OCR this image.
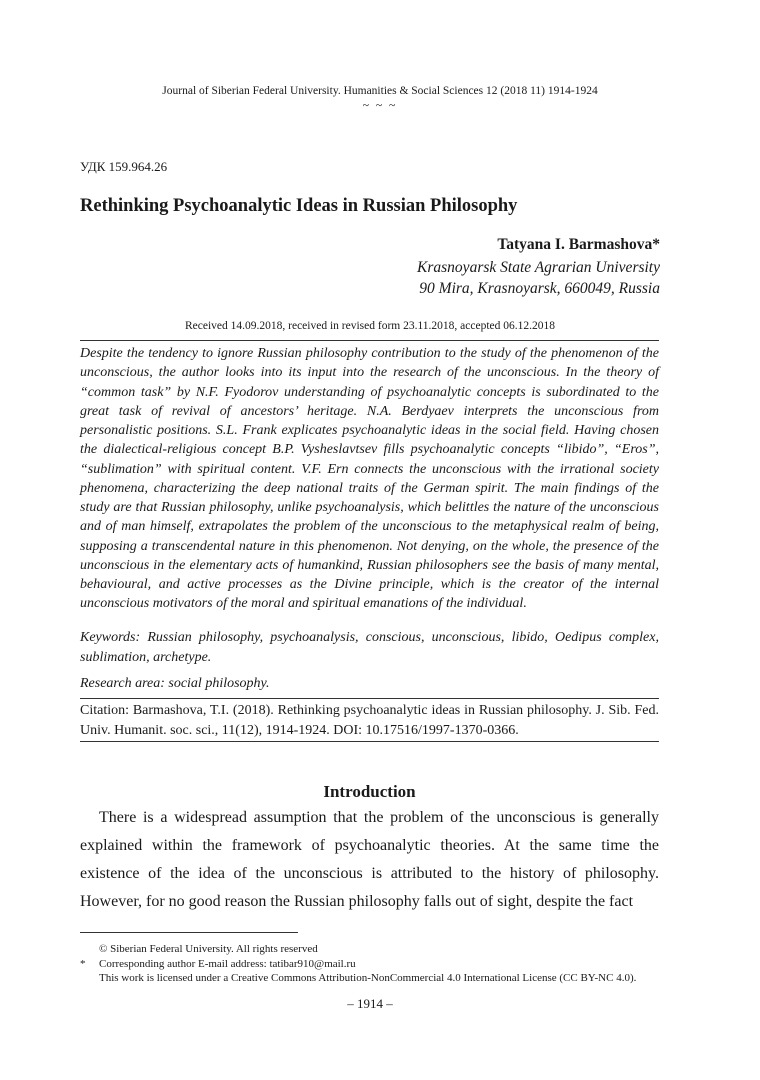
Journal of Siberian Federal University. Humanities & Social Sciences 12 (2018 11) 1914-1924
~ ~ ~
УДК 159.964.26
Rethinking Psychoanalytic Ideas in Russian Philosophy
Tatyana I. Barmashova*
Krasnoyarsk State Agrarian University
90 Mira, Krasnoyarsk, 660049, Russia
Received 14.09.2018, received in revised form 23.11.2018, accepted 06.12.2018

Despite the tendency to ignore Russian philosophy contribution to the study of the phenomenon of the unconscious, the author looks into its input into the research of the unconscious. In the theory of “common task” by N.F. Fyodorov understanding of psychoanalytic concepts is subordinated to the great task of revival of ancestors’ heritage. N.A. Berdyaev interprets the unconscious from personalistic positions. S.L. Frank explicates psychoanalytic ideas in the social field. Having chosen the dialectical-religious concept B.P. Vysheslavtsev fills psychoanalytic concepts “libido”, “Eros”, “sublimation” with spiritual content. V.F. Ern connects the unconscious with the irrational society phenomena, characterizing the deep national traits of the German spirit. The main findings of the study are that Russian philosophy, unlike psychoanalysis, which belittles the nature of the unconscious and of man himself, extrapolates the problem of the unconscious to the metaphysical realm of being, supposing a transcendental nature in this phenomenon. Not denying, on the whole, the presence of the unconscious in the elementary acts of humankind, Russian philosophers see the basis of many mental, behavioural, and active processes as the Divine principle, which is the creator of the internal unconscious motivators of the moral and spiritual emanations of the individual.

Keywords: Russian philosophy, psychoanalysis, conscious, unconscious, libido, Oedipus complex, sublimation, archetype.

Research area: social philosophy.

Citation: Barmashova, T.I. (2018). Rethinking psychoanalytic ideas in Russian philosophy. J. Sib. Fed. Univ. Humanit. soc. sci., 11(12), 1914-1924. DOI: 10.17516/1997-1370-0366.

Introduction

There is a widespread assumption that the problem of the unconscious is generally explained within the framework of psychoanalytic theories. At the same time the existence of the idea of the unconscious is attributed to the history of philosophy. However, for no good reason the Russian philosophy falls out of sight, despite the fact

© Siberian Federal University. All rights reserved
* Corresponding author E-mail address: tatibar910@mail.ru
This work is licensed under a Creative Commons Attribution-NonCommercial 4.0 International License (CC BY-NC 4.0).
– 1914 –
